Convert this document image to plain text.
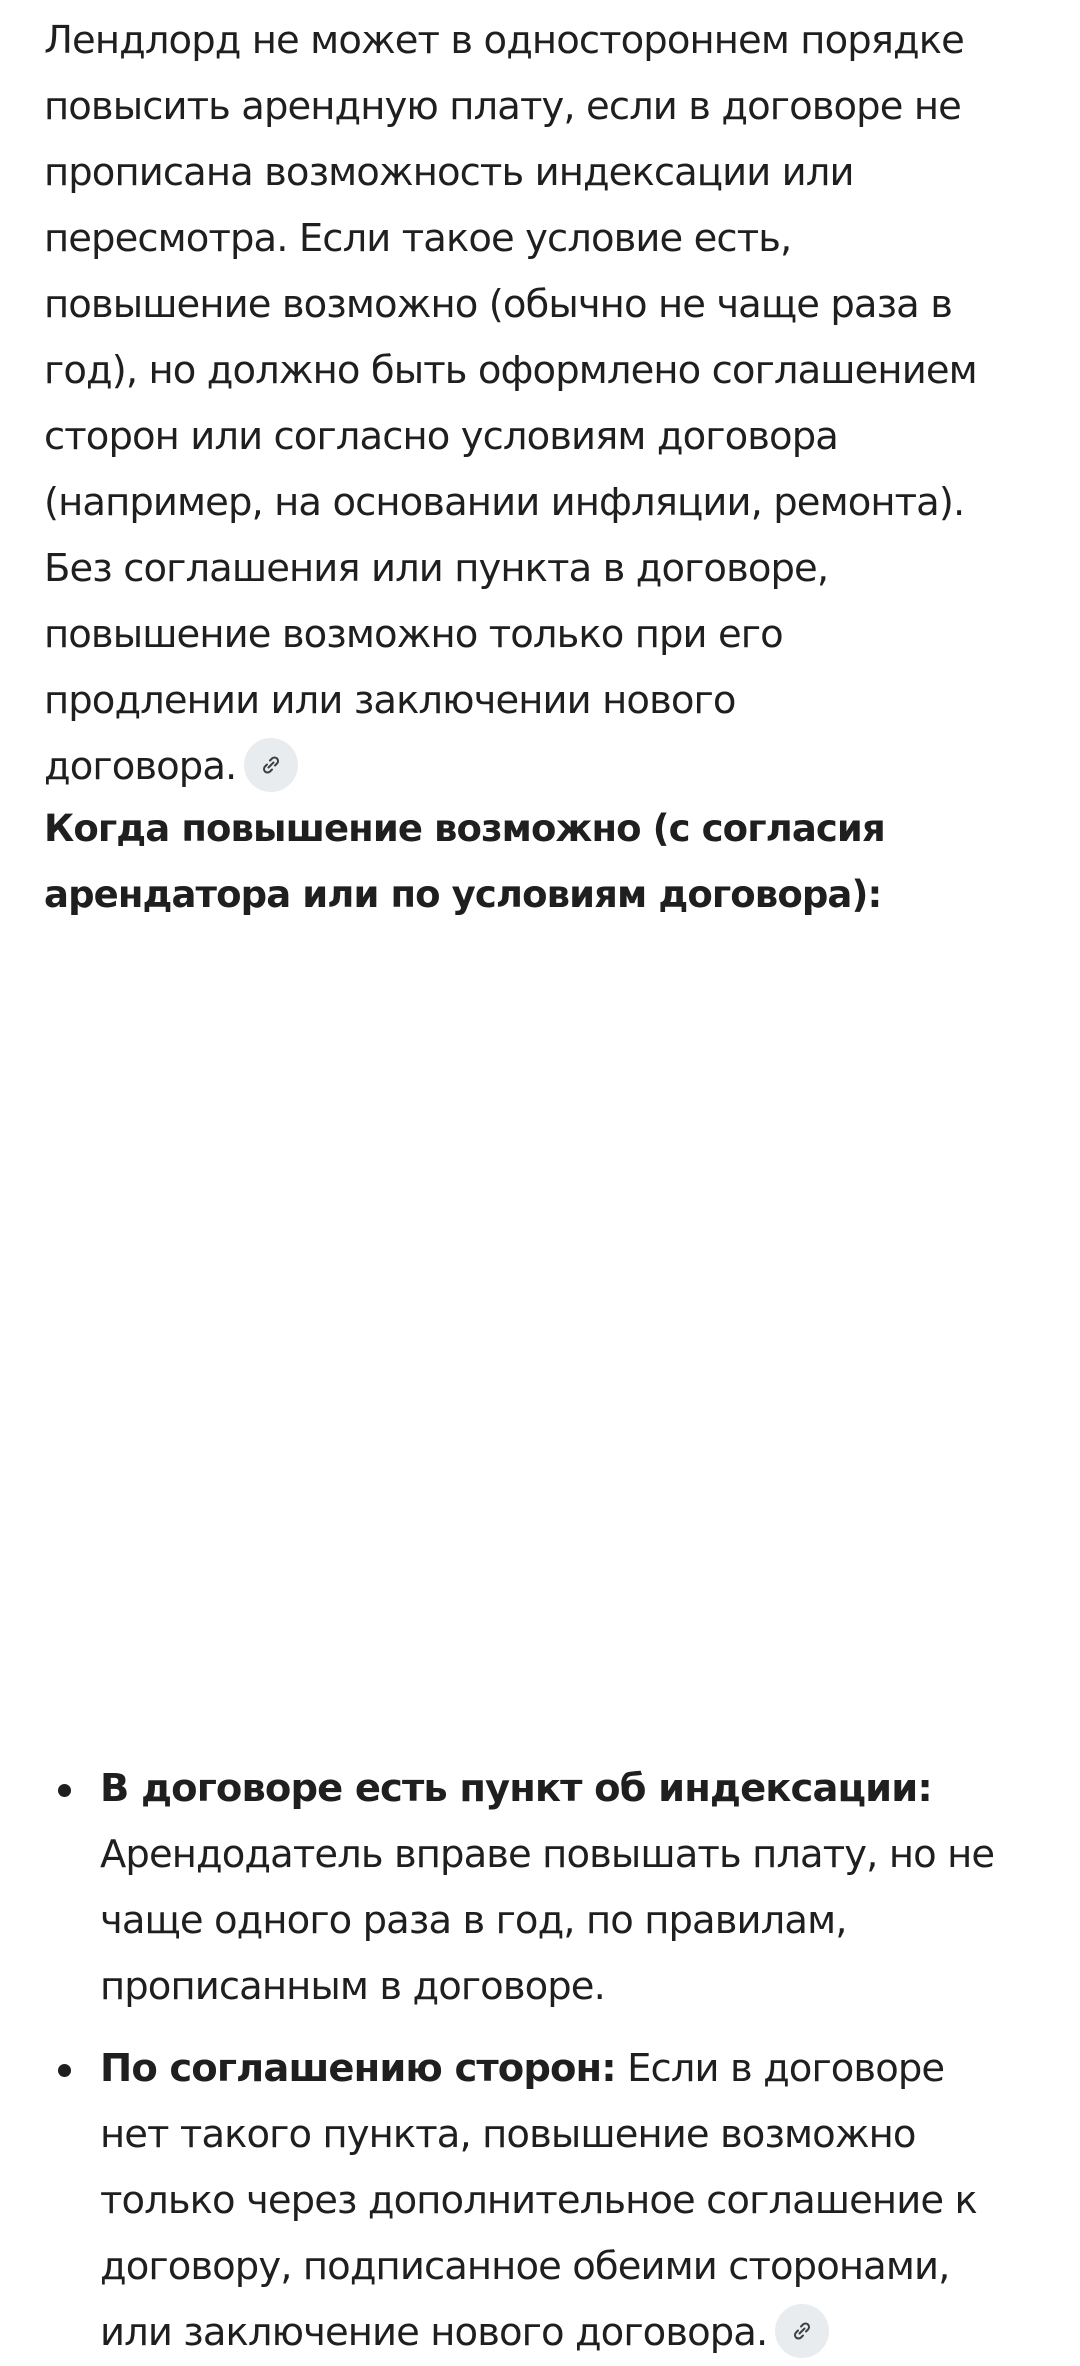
Лендлорд не может в одностороннем порядке
повысить арендную плату, если в договоре не
прописана возможность индексации или
пересмотра. Если такое условие есть,
повышение возможно (обычно не чаще раза в
год), но должно быть оформлено соглашением
сторон или согласно условиям договора
(например, на основании инфляции, ремонта).
Без соглашения или пункта в договоре,
повышение возможно только при его
продлении или заключении нового
договора.
Когда повышение возможно (с согласия
арендатора или по условиям договора):
В договоре есть пункт об индексации:
Арендодатель вправе повышать плату, но не
чаще одного раза в год, по правилам,
прописанным в договоре.
По соглашению сторон: Если в договоре
нет такого пункта, повышение возможно
только через дополнительное соглашение к
договору, подписанное обеими сторонами,
или заключение нового договора.
